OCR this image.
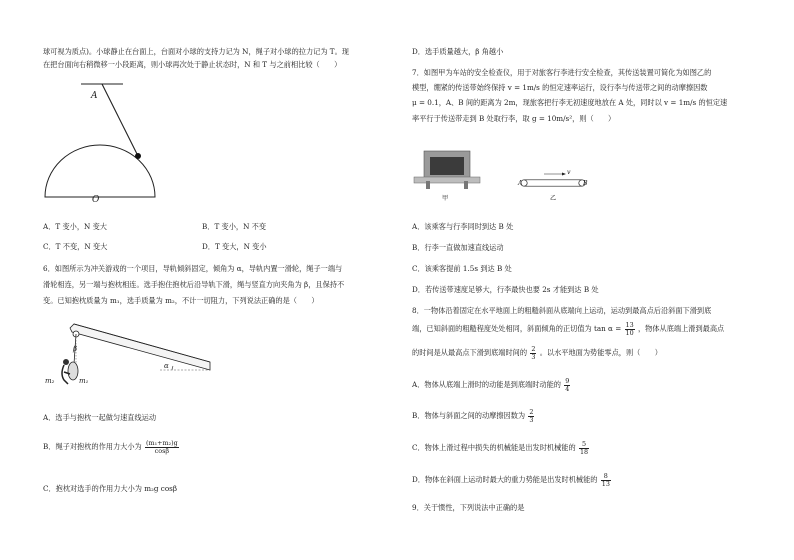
球可视为质点)。小球静止在台面上，台面对小球的支持力记为 N，绳子对小球的拉力记为 T。现
在把台面向右稍微移一小段距离，则小球再次处于静止状态时，N 和 T 与之前相比较（　　）
A
O
A．T 变小，N 变大	B．T 变小，N 不变
C．T 不变，N 变大	D．T 变大，N 变小
6．如图所示为冲关游戏的一个项目，导轨倾斜固定，倾角为 α，导轨内置一滑轮，绳子一端与
滑轮相连，另一端与抱枕相连。选手抱住抱枕后沿导轨下滑，绳与竖直方向夹角为 β，且保持不
变。已知抱枕质量为 m₁，选手质量为 m₂，不计一切阻力，下列说法正确的是（　　）
β
m₂	m₁
α
A．选手与抱枕一起做匀速直线运动
B．绳子对抱枕的作用力大小为 $\frac{\text{(m₁+m₂)g}}{\cos\beta}$
C．抱枕对选手的作用力大小为 m₂g cosβ
D．选手质量越大，β 角越小
7．如图甲为车站的安全检查仪，用于对旅客行李进行安全检查，其传送装置可简化为如图乙的
模型，绷紧的传送带始终保持 v = 1m/s 的恒定速率运行，设行李与传送带之间的动摩擦因数
μ = 0.1，A、B 间的距离为 2m，现旅客把行李无初速度地放在 A 处，同时以 v = 1m/s 的恒定速
率平行于传送带走到 B 处取行李，取 g = 10m/s²，则（　　）
甲	乙
A	B
v
A．该乘客与行李同时到达 B 处
B．行李一直做加速直线运动
C．该乘客提前 1.5s 到达 B 处
D．若传送带速度足够大，行李最快也要 2s 才能到达 B 处
8．一物体沿着固定在水平地面上的粗糙斜面从底端向上运动，运动到最高点后沿斜面下滑到底
端，已知斜面的粗糙程度处处相同，斜面倾角的正切值为 $\tan \alpha = \frac{13}{10}$ ，物体从底端上滑到最高点
的时间是从最高点下滑到底端时间的 $\frac{2}{3}$ 。以水平地面为势能零点，则（　　）
A．物体从底端上滑时的动能是到底端时动能的 $\frac{9}{4}$
B．物体与斜面之间的动摩擦因数为 $\frac{2}{3}$
C．物体上滑过程中损失的机械能是出发时机械能的 $\frac{5}{18}$
D．物体在斜面上运动时最大的重力势能是出发时机械能的 $\frac{8}{13}$
9．关于惯性，下列说法中正确的是
